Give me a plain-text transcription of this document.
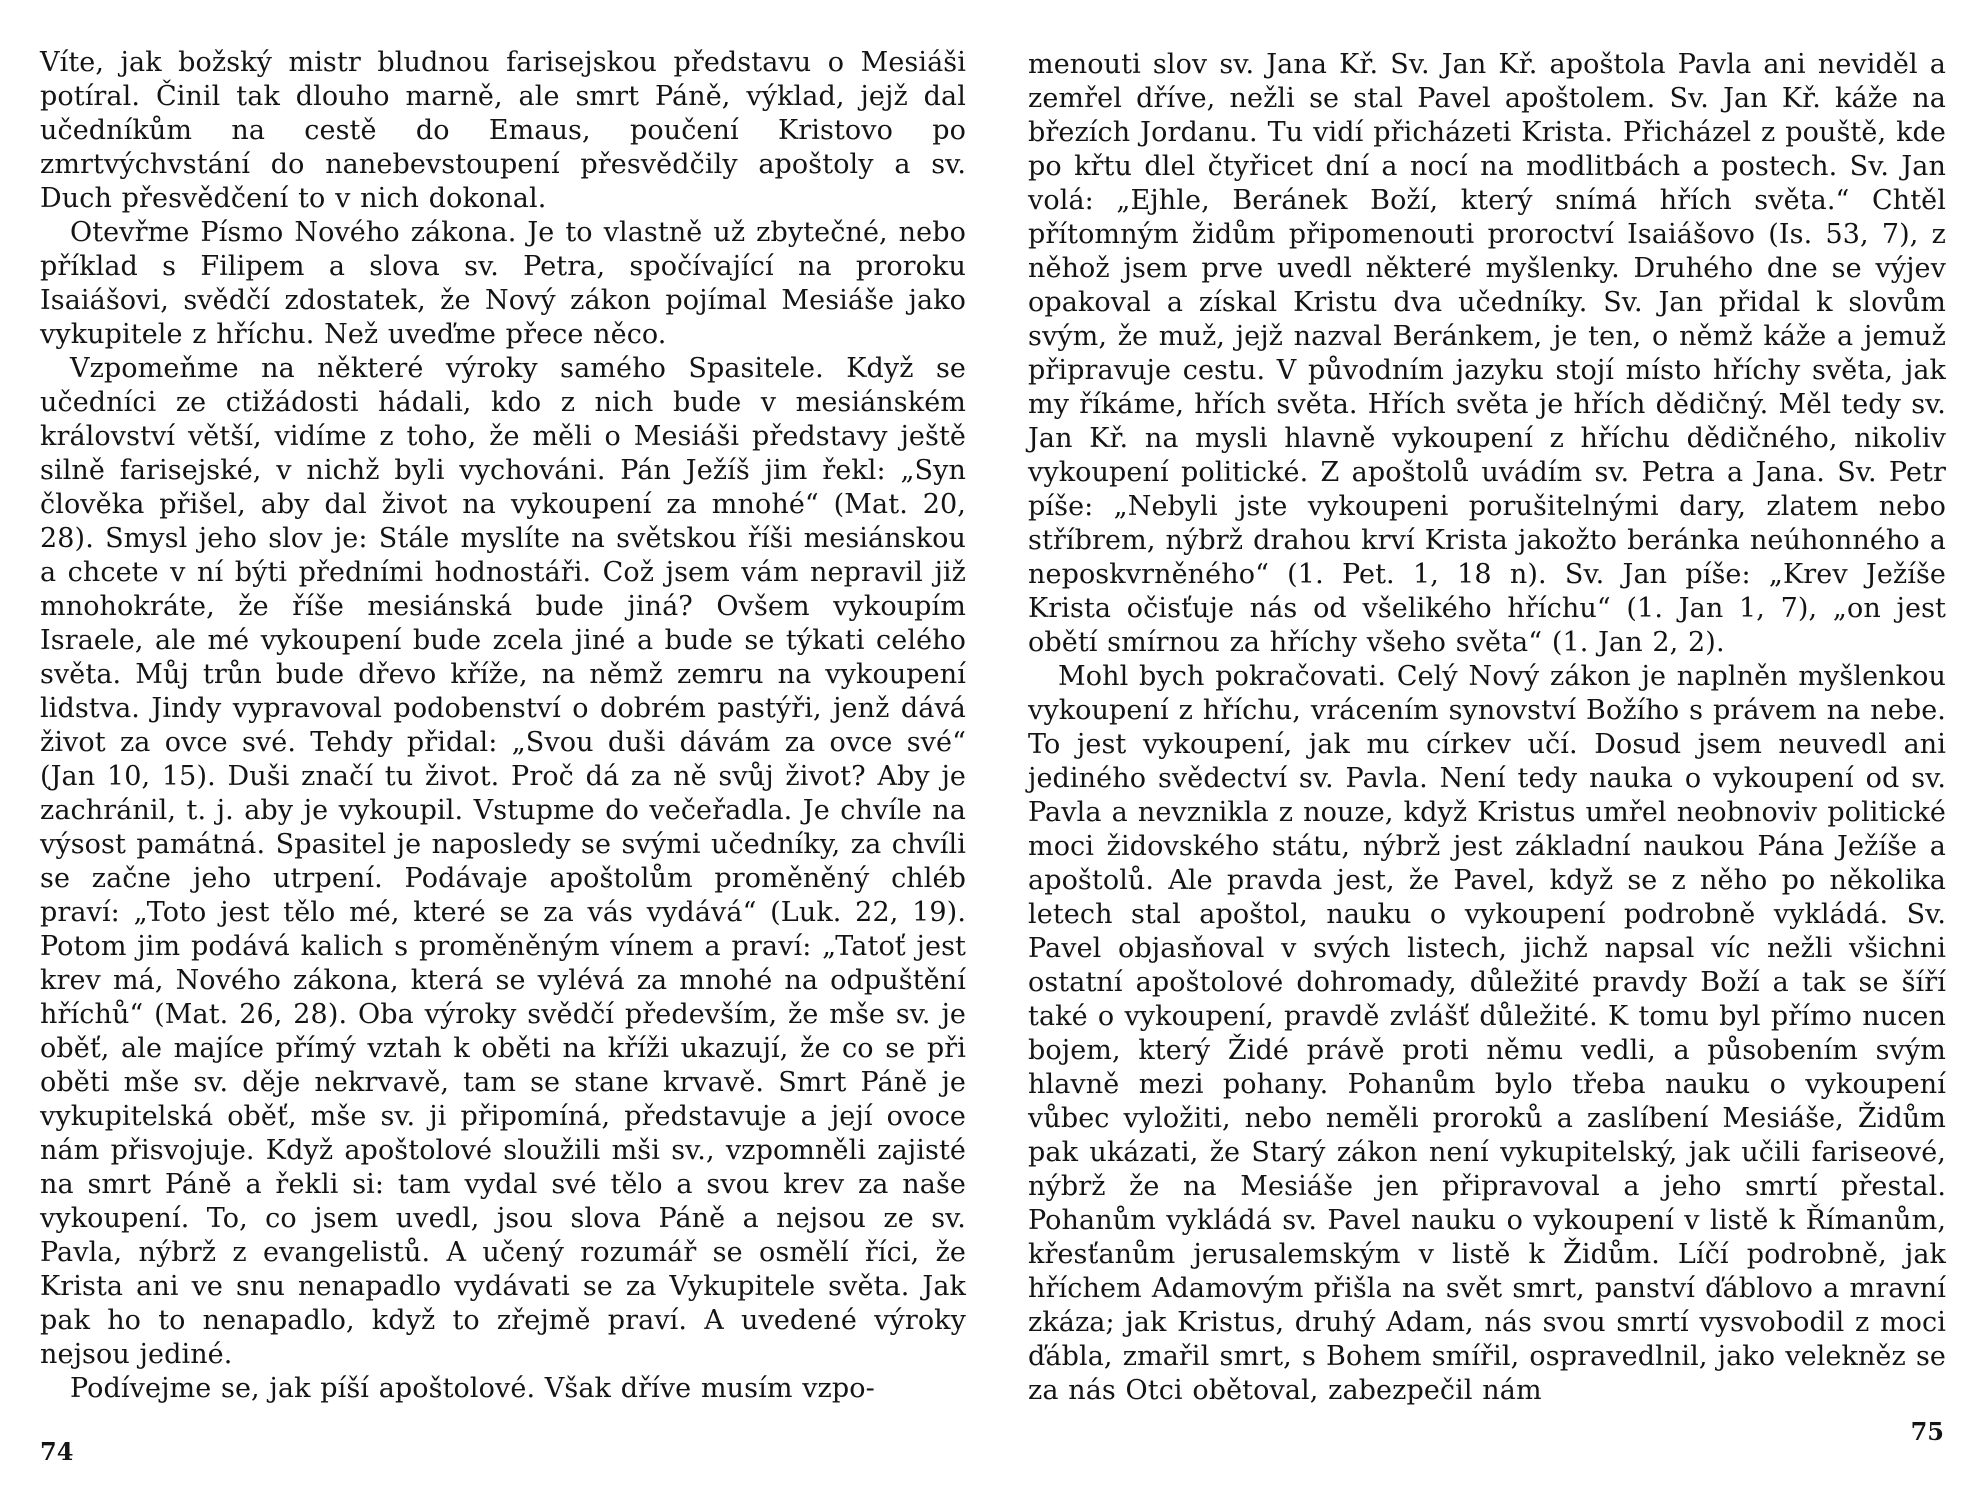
Víte, jak božský mistr bludnou farisejskou představu o Mesiáši potíral. Činil tak dlouho marně, ale smrt Páně, výklad, jejž dal učedníkům na cestě do Emaus, poučení Kristovo po zmrtvýchvstání do nanebevstoupení přesvědčily apoštoly a sv. Duch přesvědčení to v nich dokonal.

Otevřme Písmo Nového zákona. Je to vlastně už zbytečné, nebo příklad s Filipem a slova sv. Petra, spočívající na proroku Isaiášovi, svědčí zdostatek, že Nový zákon pojímal Mesiáše jako vykupitele z hříchu. Než uveďme přece něco.

Vzpomeňme na některé výroky samého Spasitele. Když se učedníci ze ctižádosti hádali, kdo z nich bude v mesiánském království větší, vidíme z toho, že měli o Mesiáši představy ještě silně farisejské, v nichž byli vychováni. Pán Ježíš jim řekl: „Syn člověka přišel, aby dal život na vykoupení za mnohé“ (Mat. 20, 28). Smysl jeho slov je: Stále myslíte na světskou říši mesiánskou a chcete v ní býti předními hodnostáři. Což jsem vám nepravil již mnohokráte, že říše mesiánská bude jiná? Ovšem vykoupím Israele, ale mé vykoupení bude zcela jiné a bude se týkati celého světa. Můj trůn bude dřevo kříže, na němž zemru na vykoupení lidstva. Jindy vypravoval podobenství o dobrém pastýři, jenž dává život za ovce své. Tehdy přidal: „Svou duši dávám za ovce své“ (Jan 10, 15). Duši značí tu život. Proč dá za ně svůj život? Aby je zachránil, t. j. aby je vykoupil. Vstupme do večeřadla. Je chvíle na výsost památná. Spasitel je naposledy se svými učedníky, za chvíli se začne jeho utrpení. Podávaje apoštolům proměněný chléb praví: „Toto jest tělo mé, které se za vás vydává“ (Luk. 22, 19). Potom jim podává kalich s proměněným vínem a praví: „Tatoť jest krev má, Nového zákona, která se vylévá za mnohé na odpuštění hříchů“ (Mat. 26, 28). Oba výroky svědčí především, že mše sv. je oběť, ale majíce přímý vztah k oběti na kříži ukazují, že co se při oběti mše sv. děje nekrvavě, tam se stane krvavě. Smrt Páně je vykupitelská oběť, mše sv. ji připomíná, představuje a její ovoce nám přisvojuje. Když apoštolové sloužili mši sv., vzpomněli zajisté na smrt Páně a řekli si: tam vydal své tělo a svou krev za naše vykoupení. To, co jsem uvedl, jsou slova Páně a nejsou ze sv. Pavla, nýbrž z evangelistů. A učený rozumář se osmělí říci, že Krista ani ve snu nenapadlo vydávati se za Vykupitele světa. Jak pak ho to nenapadlo, když to zřejmě praví. A uvedené výroky nejsou jediné.

Podívejme se, jak píší apoštolové. Však dříve musím vzpo-

74

menouti slov sv. Jana Kř. Sv. Jan Kř. apoštola Pavla ani neviděl a zemřel dříve, nežli se stal Pavel apoštolem. Sv. Jan Kř. káže na březích Jordanu. Tu vidí přicházeti Krista. Přicházel z pouště, kde po křtu dlel čtyřicet dní a nocí na modlitbách a postech. Sv. Jan volá: „Ejhle, Beránek Boží, který snímá hřích světa.“ Chtěl přítomným židům připomenouti proroctví Isaiášovo (Is. 53, 7), z něhož jsem prve uvedl některé myšlenky. Druhého dne se výjev opakoval a získal Kristu dva učedníky. Sv. Jan přidal k slovům svým, že muž, jejž nazval Beránkem, je ten, o němž káže a jemuž připravuje cestu. V původním jazyku stojí místo hříchy světa, jak my říkáme, hřích světa. Hřích světa je hřích dědičný. Měl tedy sv. Jan Kř. na mysli hlavně vykoupení z hříchu dědičného, nikoliv vykoupení politické. Z apoštolů uvádím sv. Petra a Jana. Sv. Petr píše: „Nebyli jste vykoupeni porušitelnými dary, zlatem nebo stříbrem, nýbrž drahou krví Krista jakožto beránka neúhonného a neposkvrněného“ (1. Pet. 1, 18 n). Sv. Jan píše: „Krev Ježíše Krista očisťuje nás od všelikého hříchu“ (1. Jan 1, 7), „on jest obětí smírnou za hříchy všeho světa“ (1. Jan 2, 2).

Mohl bych pokračovati. Celý Nový zákon je naplněn myšlenkou vykoupení z hříchu, vrácením synovství Božího s právem na nebe. To jest vykoupení, jak mu církev učí. Dosud jsem neuvedl ani jediného svědectví sv. Pavla. Není tedy nauka o vykoupení od sv. Pavla a nevznikla z nouze, když Kristus umřel neobnoviv politické moci židovského státu, nýbrž jest základní naukou Pána Ježíše a apoštolů. Ale pravda jest, že Pavel, když se z něho po několika letech stal apoštol, nauku o vykoupení podrobně vykládá. Sv. Pavel objasňoval v svých listech, jichž napsal víc nežli všichni ostatní apoštolové dohromady, důležité pravdy Boží a tak se šíří také o vykoupení, pravdě zvlášť důležité. K tomu byl přímo nucen bojem, který Židé právě proti němu vedli, a působením svým hlavně mezi pohany. Pohanům bylo třeba nauku o vykoupení vůbec vyložiti, nebo neměli proroků a zaslíbení Mesiáše, Židům pak ukázati, že Starý zákon není vykupitelský, jak učili fariseové, nýbrž že na Mesiáše jen připravoval a jeho smrtí přestal. Pohanům vykládá sv. Pavel nauku o vykoupení v listě k Římanům, křesťanům jerusalemským v listě k Židům. Líčí podrobně, jak hříchem Adamovým přišla na svět smrt, panství ďáblovo a mravní zkáza; jak Kristus, druhý Adam, nás svou smrtí vysvobodil z moci ďábla, zmařil smrt, s Bohem smířil, ospravedlnil, jako velekněz se za nás Otci obětoval, zabezpečil nám

75
